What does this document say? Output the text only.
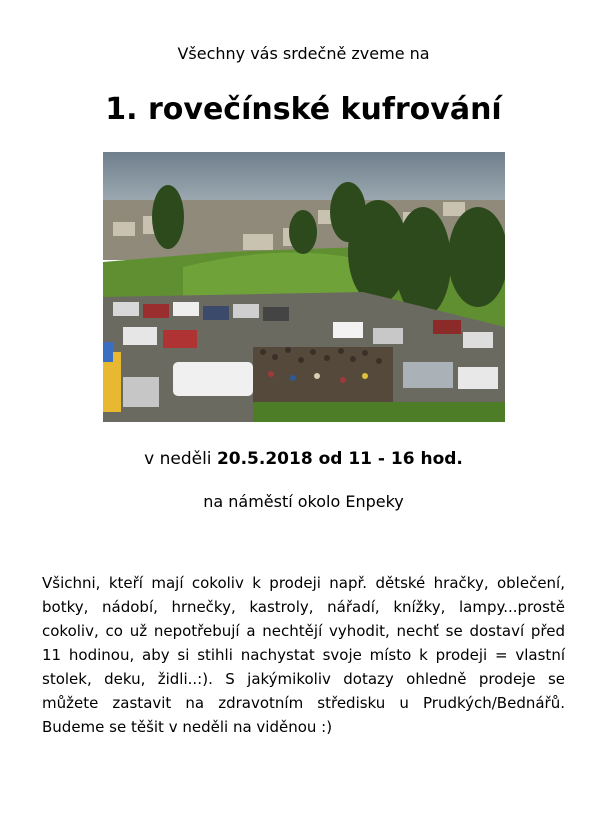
Všechny vás srdečně zveme na
1. rovečínské kufrování
v neděli 20.5.2018 od 11 - 16 hod.
na náměstí okolo Enpeky
Všichni, kteří mají cokoliv k prodeji např. dětské hračky, oblečení, botky, nádobí, hrnečky, kastroly, nářadí, knížky, lampy...prostě cokoliv, co už nepotřebují a nechtějí vyhodit, nechť se dostaví před 11 hodinou, aby si stihli nachystat svoje místo k prodeji = vlastní stolek, deku, židli..:). S jakýmikoliv dotazy ohledně prodeje se můžete zastavit na zdravotním středisku u Prudkých/Bednářů. Budeme se těšit v neděli na viděnou :)
